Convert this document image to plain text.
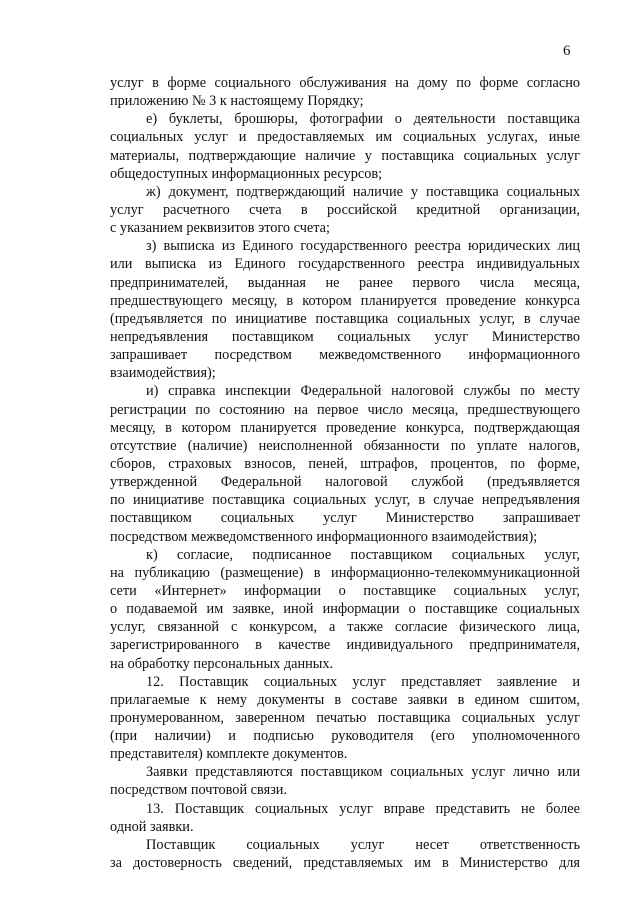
6
услуг в форме социального обслуживания на дому по форме согласно
приложению № 3 к настоящему Порядку;
е) буклеты, брошюры, фотографии о деятельности поставщика
социальных услуг и предоставляемых им социальных услугах, иные
материалы, подтверждающие наличие у поставщика социальных услуг
общедоступных информационных ресурсов;
ж) документ, подтверждающий наличие у поставщика социальных
услуг расчетного счета в российской кредитной организации,
с указанием реквизитов этого счета;
з) выписка из Единого государственного реестра юридических лиц
или выписка из Единого государственного реестра индивидуальных
предпринимателей, выданная не ранее первого числа месяца,
предшествующего месяцу, в котором планируется проведение конкурса
(предъявляется по инициативе поставщика социальных услуг, в случае
непредъявления поставщиком социальных услуг Министерство
запрашивает посредством межведомственного информационного
взаимодействия);
и) справка инспекции Федеральной налоговой службы по месту
регистрации по состоянию на первое число месяца, предшествующего
месяцу, в котором планируется проведение конкурса, подтверждающая
отсутствие (наличие) неисполненной обязанности по уплате налогов,
сборов, страховых взносов, пеней, штрафов, процентов, по форме,
утвержденной Федеральной налоговой службой (предъявляется
по инициативе поставщика социальных услуг, в случае непредъявления
поставщиком социальных услуг Министерство запрашивает
посредством межведомственного информационного взаимодействия);
к) согласие, подписанное поставщиком социальных услуг,
на публикацию (размещение) в информационно-телекоммуникационной
сети «Интернет» информации о поставщике социальных услуг,
о подаваемой им заявке, иной информации о поставщике социальных
услуг, связанной с конкурсом, а также согласие физического лица,
зарегистрированного в качестве индивидуального предпринимателя,
на обработку персональных данных.
12. Поставщик социальных услуг представляет заявление и
прилагаемые к нему документы в составе заявки в едином сшитом,
пронумерованном, заверенном печатью поставщика социальных услуг
(при наличии) и подписью руководителя (его уполномоченного
представителя) комплекте документов.
Заявки представляются поставщиком социальных услуг лично или
посредством почтовой связи.
13. Поставщик социальных услуг вправе представить не более
одной заявки.
Поставщик социальных услуг несет ответственность
за достоверность сведений, представляемых им в Министерство для
